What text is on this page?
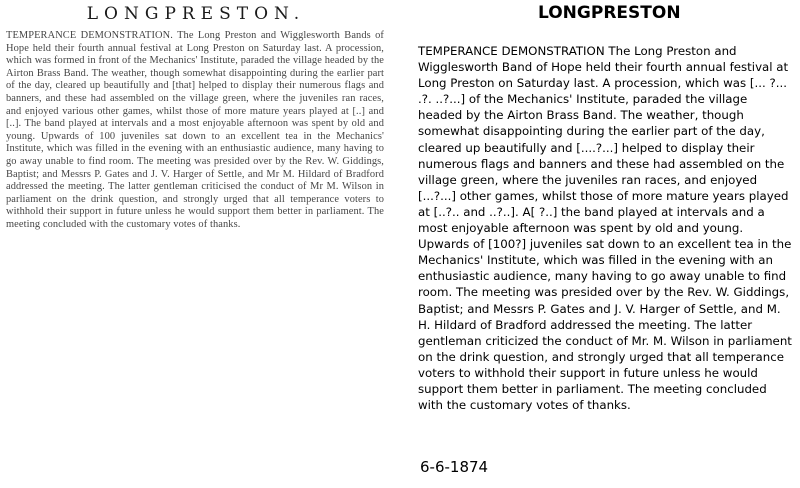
LONGPRESTON.
TEMPERANCE DEMONSTRATION. The Long Preston and Wigglesworth Bands of Hope held their fourth annual festival at Long Preston on Saturday last. A procession, which was formed in front of the Mechanics' Institute, paraded the village headed by the Airton Brass Band. The weather, though somewhat disappointing during the earlier part of the day, cleared up beautifully and [that] helped to display their numerous flags and banners, and these had assembled on the village green, where the juveniles ran races, and enjoyed various other games, whilst those of more mature years played at [..] and [..]. The band played at intervals and a most enjoyable afternoon was spent by old and young. Upwards of 100 juveniles sat down to an excellent tea in the Mechanics' Institute, which was filled in the evening with an enthusiastic audience, many having to go away unable to find room. The meeting was presided over by the Rev. W. Giddings, Baptist; and Messrs P. Gates and J. V. Harger of Settle, and Mr M. Hildard of Bradford addressed the meeting. The latter gentleman criticised the conduct of Mr M. Wilson in parliament on the drink question, and strongly urged that all temperance voters to withhold their support in future unless he would support them better in parliament. The meeting concluded with the customary votes of thanks.
LONGPRESTON

TEMPERANCE DEMONSTRATION The Long Preston and Wigglesworth Band of Hope held their fourth annual festival at Long Preston on Saturday last. A procession, which was [... ?... .?. ..?...] of the Mechanics' Institute, paraded the village headed by the Airton Brass Band. The weather, though somewhat disappointing during the earlier part of the day, cleared up beautifully and [....?...] helped to display their numerous flags and banners and these had assembled on the village green, where the juveniles ran races, and enjoyed [...?...] other games, whilst those of more mature years played at [..?.. and ..?..]. A[ ?..] the band played at intervals and a most enjoyable afternoon was spent by old and young. Upwards of [100?] juveniles sat down to an excellent tea in the Mechanics' Institute, which was filled in the evening with an enthusiastic audience, many having to go away unable to find room. The meeting was presided over by the Rev. W. Giddings, Baptist; and Messrs P. Gates and J. V. Harger of Settle, and M. H. Hildard of Bradford addressed the meeting. The latter gentleman criticized the conduct of Mr. M. Wilson in parliament on the drink question, and strongly urged that all temperance voters to withhold their support in future unless he would support them better in parliament. The meeting concluded with the customary votes of thanks.

6-6-1874
